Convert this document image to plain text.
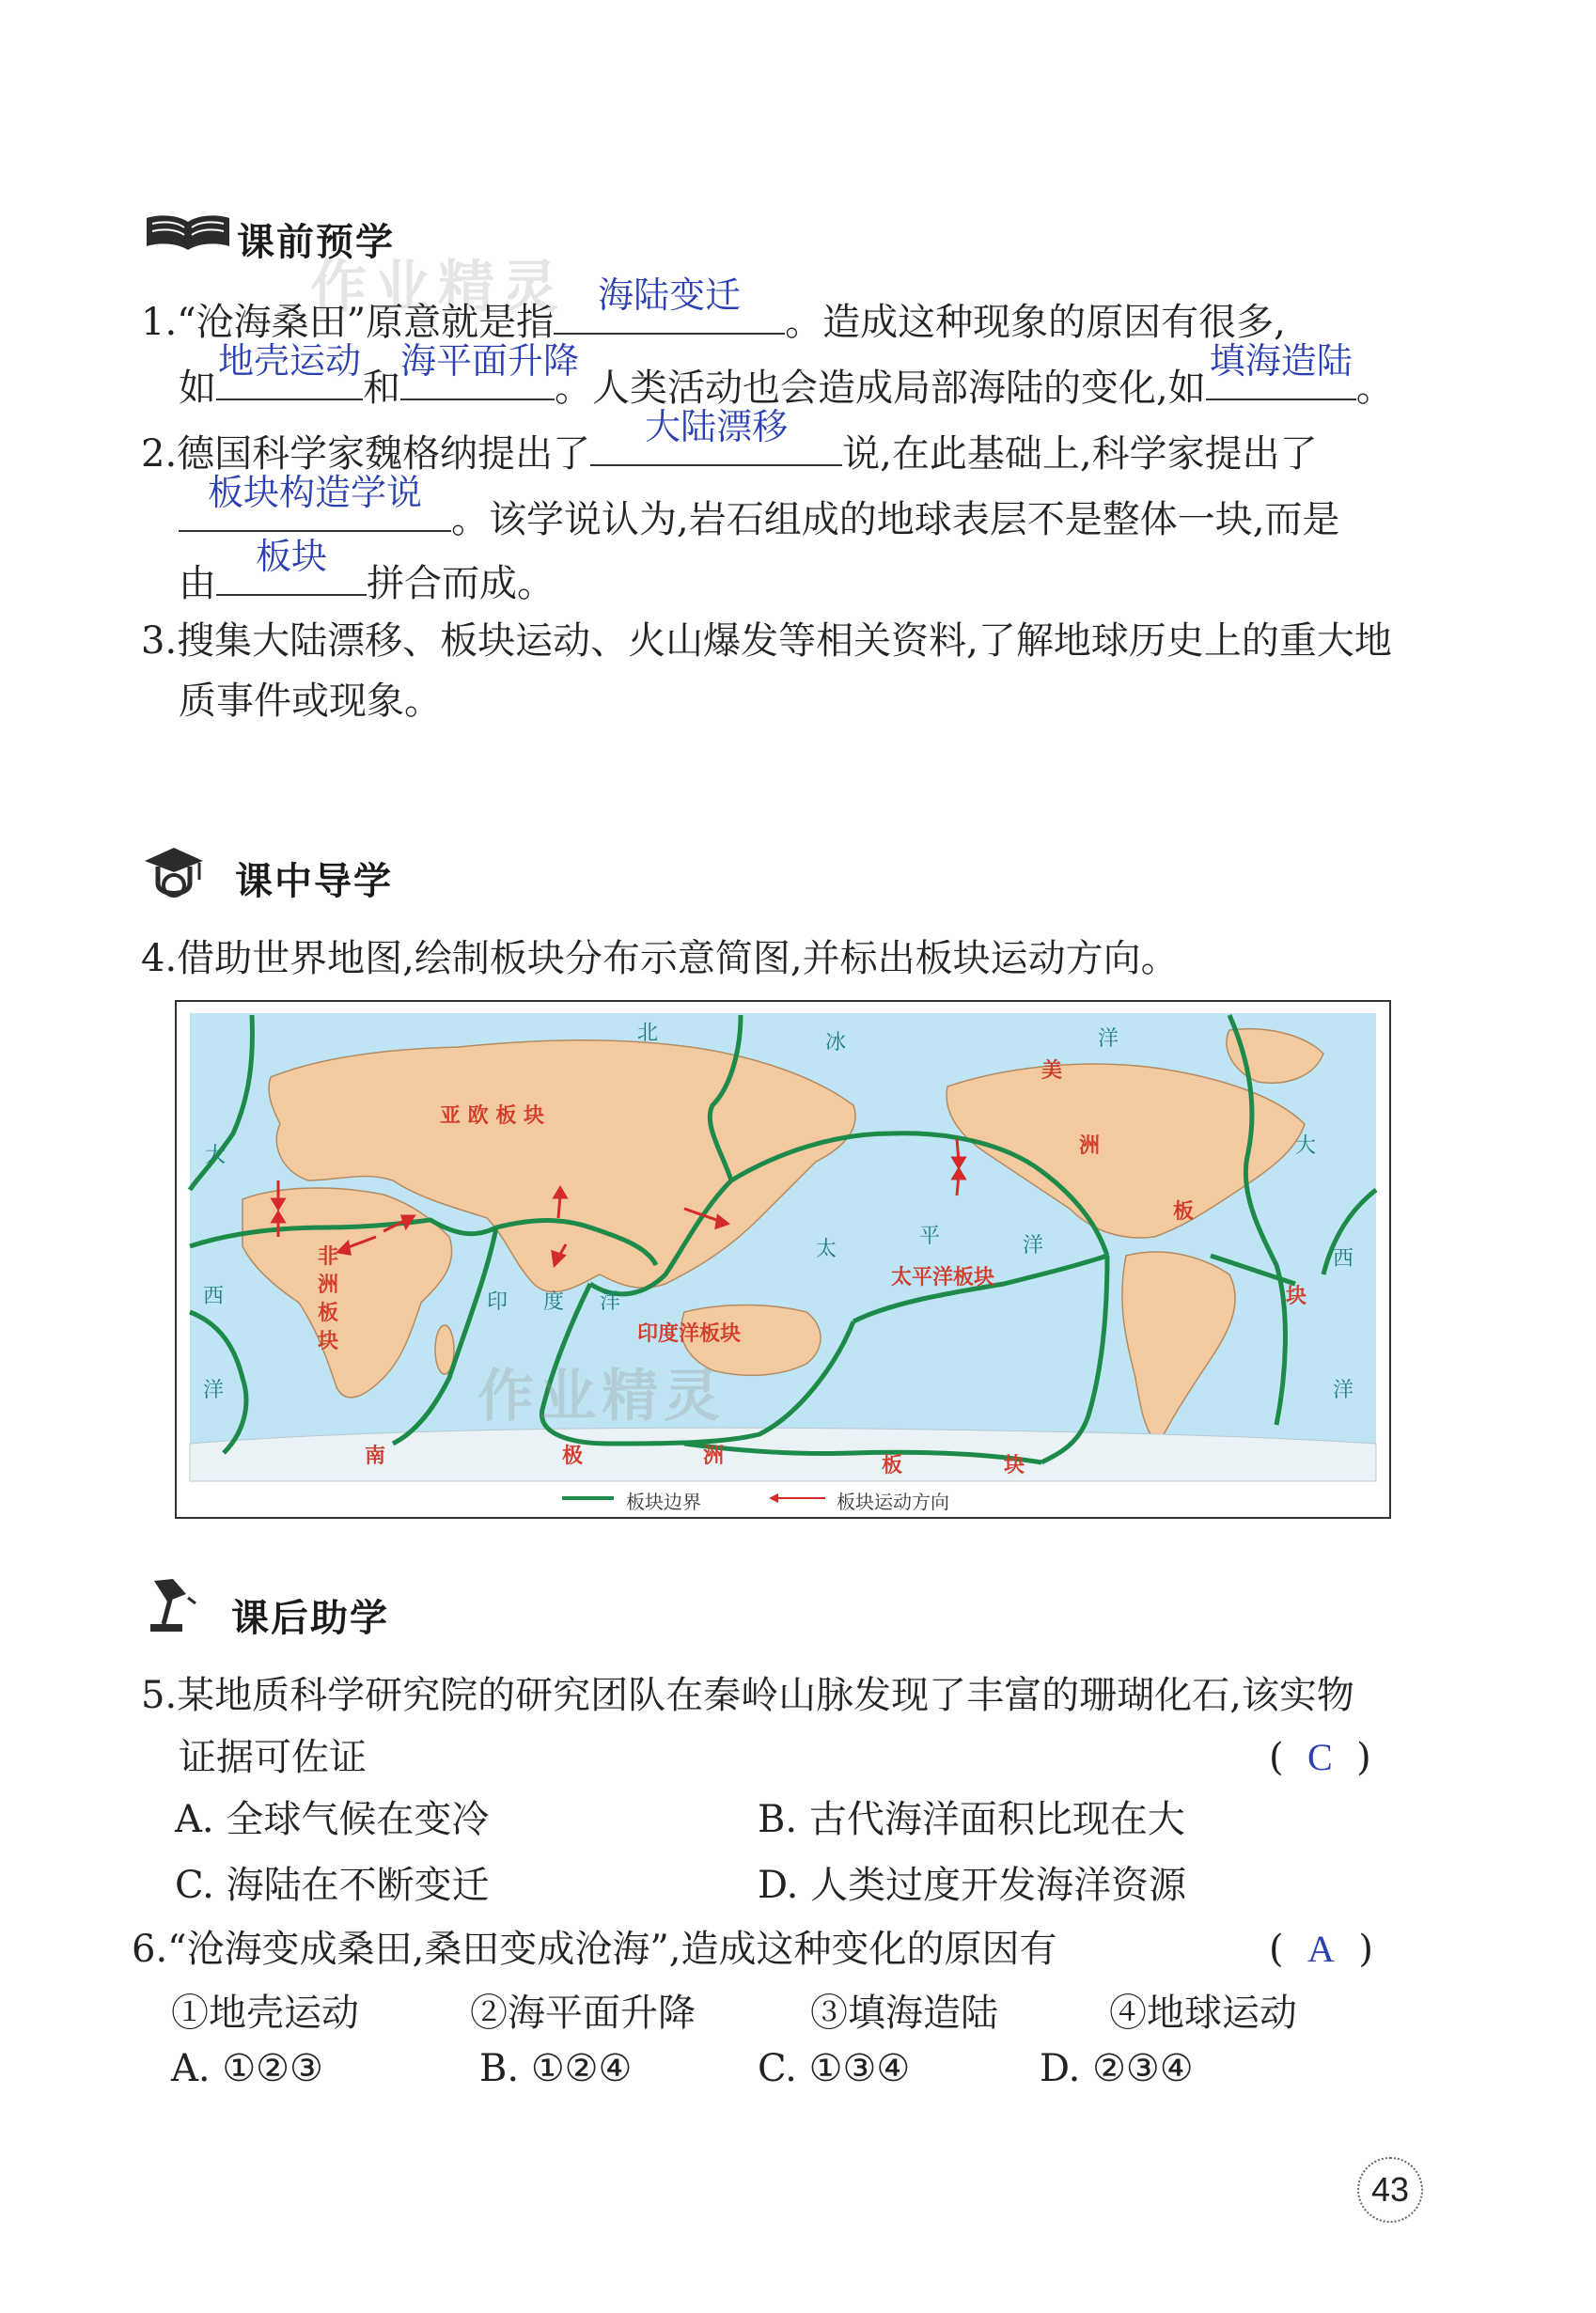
课前预学
作业精灵
1.“沧海桑田”原意就是指
海陆变迁
。造成这种现象的原因有很多,
如
地壳运动
和
海平面升降
。人类活动也会造成局部海陆的变化,如
填海造陆
。
2.德国科学家魏格纳提出了
大陆漂移
说,在此基础上,科学家提出了
板块构造学说
。该学说认为,岩石组成的地球表层不是整体一块,而是
由
板块
拼合而成。
3.搜集大陆漂移、板块运动、火山爆发等相关资料,了解地球历史上的重大地
质事件或现象。
课中导学
4.借助世界地图,绘制板块分布示意简图,并标出板块运动方向。
亚 欧 板 块
太平洋板块
印度洋板块
非
洲
板
块
美
洲
板
块
南	极	洲	板	块
北	冰	洋
大
西
洋
大
西
洋
太
平	洋
印 度 洋
作业精灵
板块边界	板块运动方向
课后助学
5.某地质科学研究院的研究团队在秦岭山脉发现了丰富的珊瑚化石,该实物
证据可佐证	( C )
A. 全球气候在变冷	B. 古代海洋面积比现在大
C. 海陆在不断变迁	D. 人类过度开发海洋资源
6.“沧海变成桑田,桑田变成沧海”,造成这种变化的原因有	( A )
①地壳运动	②海平面升降	③填海造陆	④地球运动
A. ①②③	B. ①②④	C. ①③④	D. ②③④
43
